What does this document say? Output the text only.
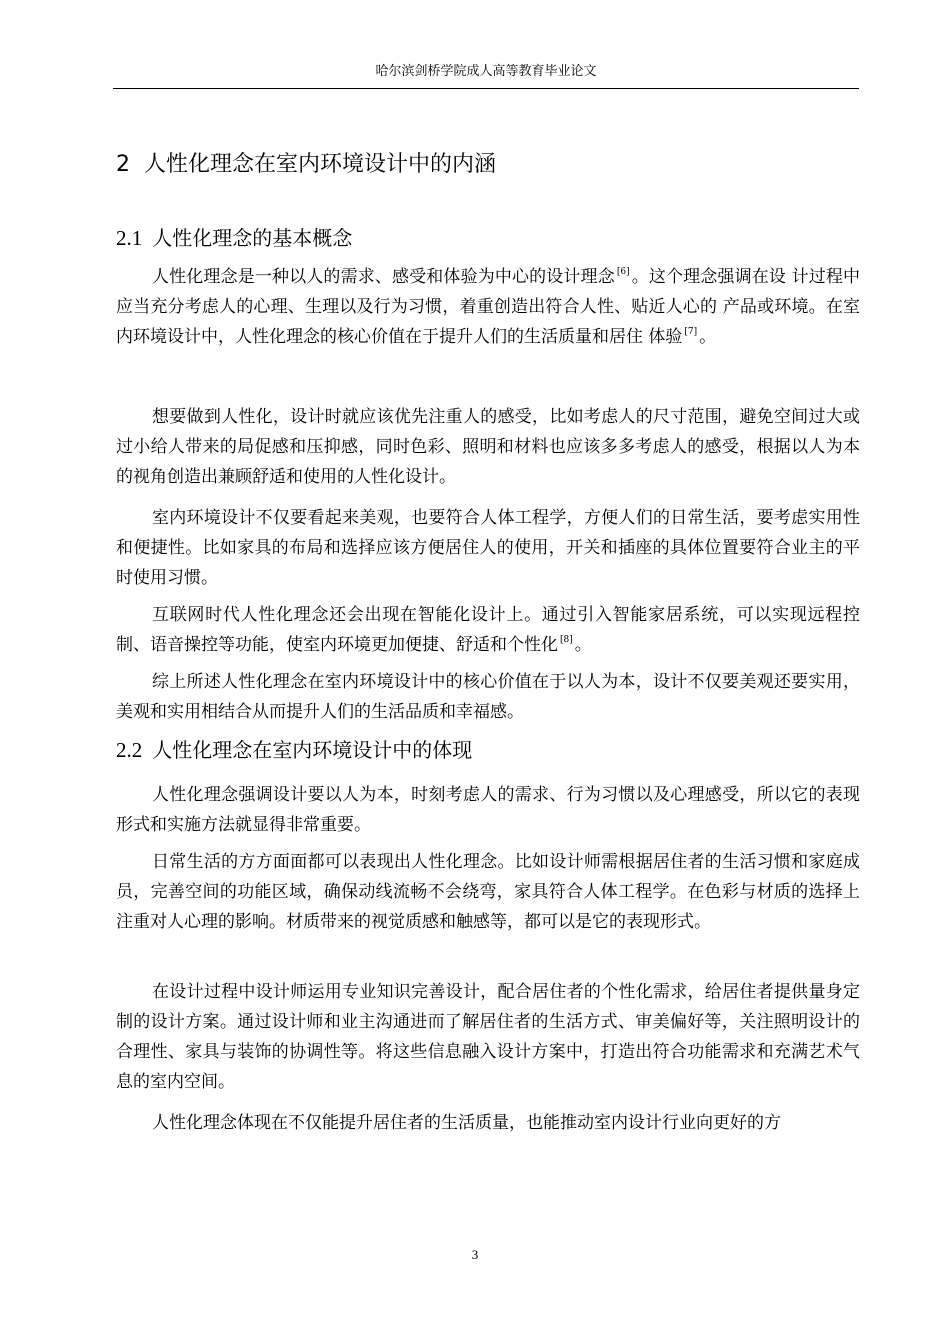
哈尔滨剑桥学院成人高等教育毕业论文
2 人性化理念在室内环境设计中的内涵
2.1 人性化理念的基本概念

人性化理念是一种以人的需求、感受和体验为中心的设计理念 [6] 。这个理念强调在设 计过程中应当充分考虑人的心理、生理以及行为习惯，着重创造出符合人性、贴近人心的 产品或环境。在室内环境设计中，人性化理念的核心价值在于提升人们的生活质量和居住 体验 [7] 。

想要做到人性化，设计时就应该优先注重人的感受，比如考虑人的尺寸范围，避免空间过大或过小给人带来的局促感和压抑感，同时色彩、照明和材料也应该多多考虑人的感受，根据以人为本的视角创造出兼顾舒适和使用的人性化设计。

室内环境设计不仅要看起来美观，也要符合人体工程学，方便人们的日常生活，要考虑实用性和便捷性。比如家具的布局和选择应该方便居住人的使用，开关和插座的具体位置要符合业主的平时使用习惯。

互联网时代人性化理念还会出现在智能化设计上。通过引入智能家居系统，可以实现远程控制、语音操控等功能，使室内环境更加便捷、舒适和个性化 [8] 。

综上所述人性化理念在室内环境设计中的核心价值在于以人为本，设计不仅要美观还要实用，美观和实用相结合从而提升人们的生活品质和幸福感。

2.2 人性化理念在室内环境设计中的体现

人性化理念强调设计要以人为本，时刻考虑人的需求、行为习惯以及心理感受，所以它的表现形式和实施方法就显得非常重要。

日常生活的方方面面都可以表现出人性化理念。比如设计师需根据居住者的生活习惯和家庭成员，完善空间的功能区域，确保动线流畅不会绕弯，家具符合人体工程学。在色彩与材质的选择上注重对人心理的影响。材质带来的视觉质感和触感等，都可以是它的表现形式。

在设计过程中设计师运用专业知识完善设计，配合居住者的个性化需求，给居住者提供量身定制的设计方案。通过设计师和业主沟通进而了解居住者的生活方式、审美偏好等，关注照明设计的合理性、家具与装饰的协调性等。将这些信息融入设计方案中，打造出符合功能需求和充满艺术气息的室内空间。

人性化理念体现在不仅能提升居住者的生活质量，也能推动室内设计行业向更好的方

3
